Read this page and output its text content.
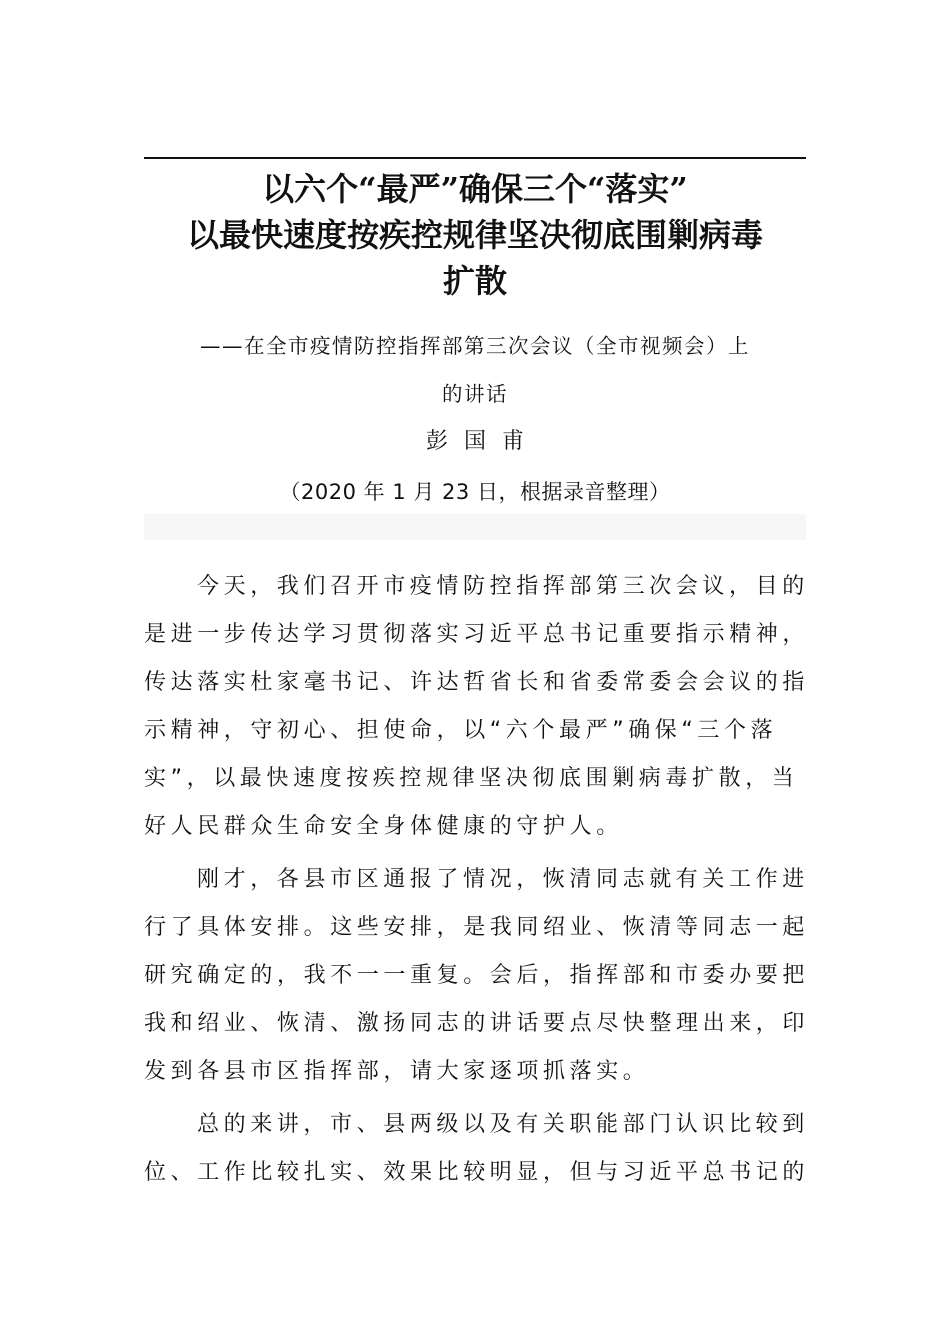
以六个“最严”确保三个“落实”
以最快速度按疾控规律坚决彻底围剿病毒
扩散
——在全市疫情防控指挥部第三次会议（全市视频会）上
的讲话
彭国甫
（2020 年 1 月 23 日，根据录音整理）
今天，我们召开市疫情防控指挥部第三次会议，目的
是进一步传达学习贯彻落实习近平总书记重要指示精神，
传达落实杜家毫书记、许达哲省长和省委常委会会议的指
示精神，守初心、担使命，以“六个最严”确保“三个落
实”，以最快速度按疾控规律坚决彻底围剿病毒扩散，当
好人民群众生命安全身体健康的守护人。
刚才，各县市区通报了情况，恢清同志就有关工作进
行了具体安排。这些安排，是我同绍业、恢清等同志一起
研究确定的，我不一一重复。会后，指挥部和市委办要把
我和绍业、恢清、激扬同志的讲话要点尽快整理出来，印
发到各县市区指挥部，请大家逐项抓落实。
总的来讲，市、县两级以及有关职能部门认识比较到
位、工作比较扎实、效果比较明显，但与习近平总书记的
